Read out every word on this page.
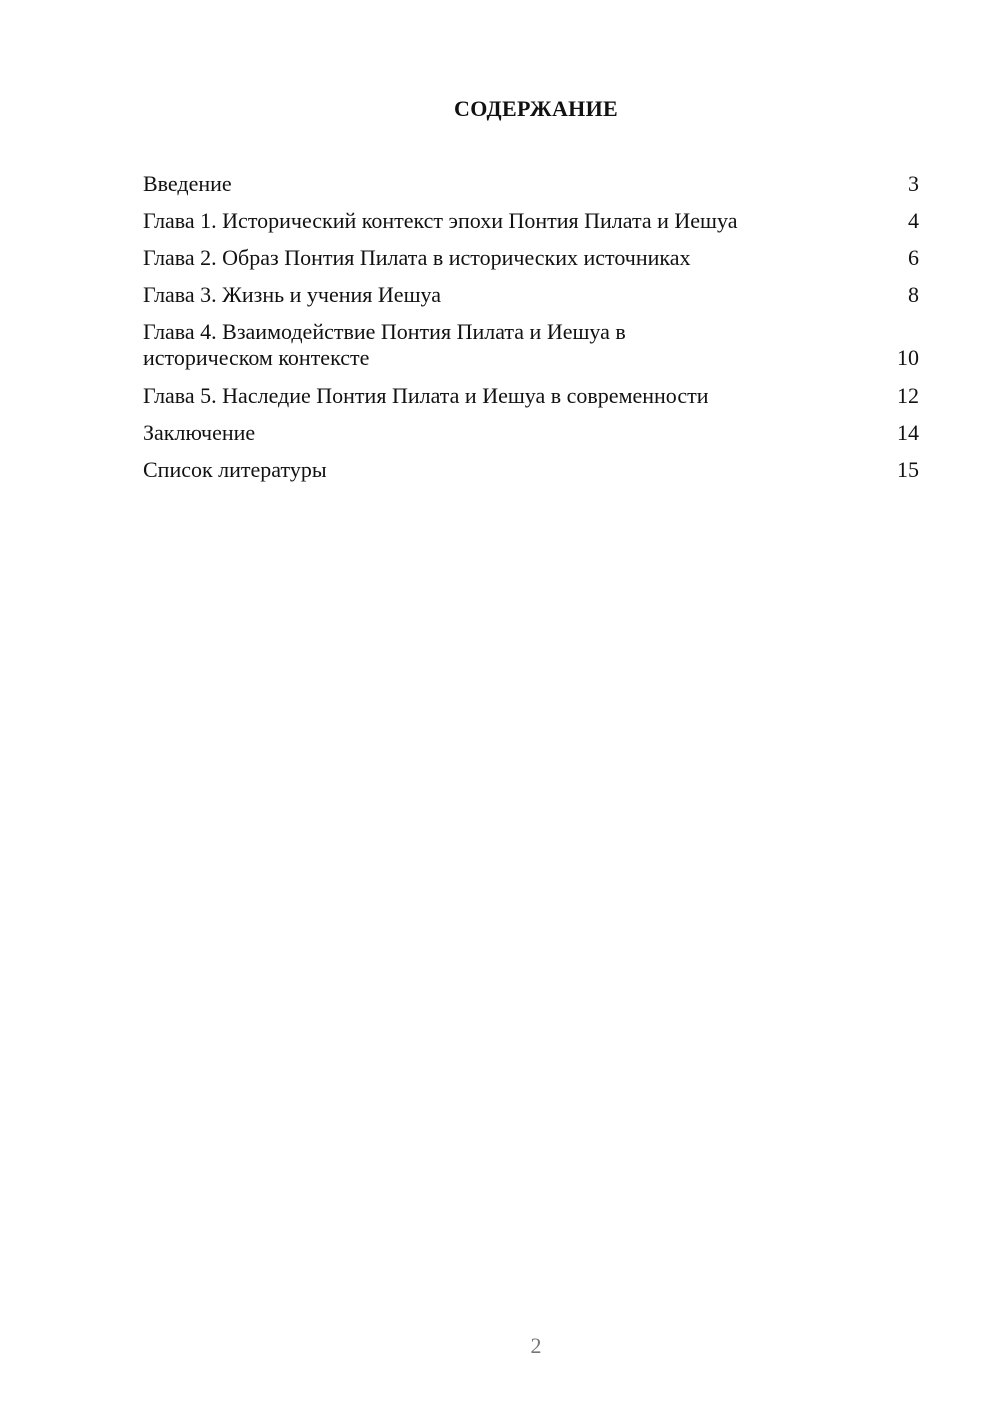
СОДЕРЖАНИЕ
Введение	3
Глава 1. Исторический контекст эпохи Понтия Пилата и Иешуа	4
Глава 2. Образ Понтия Пилата в исторических источниках	6
Глава 3. Жизнь и учения Иешуа	8
Глава 4. Взаимодействие Понтия Пилата и Иешуа в историческом контексте	10
Глава 5. Наследие Понтия Пилата и Иешуа в современности	12
Заключение	14
Список литературы	15
2
